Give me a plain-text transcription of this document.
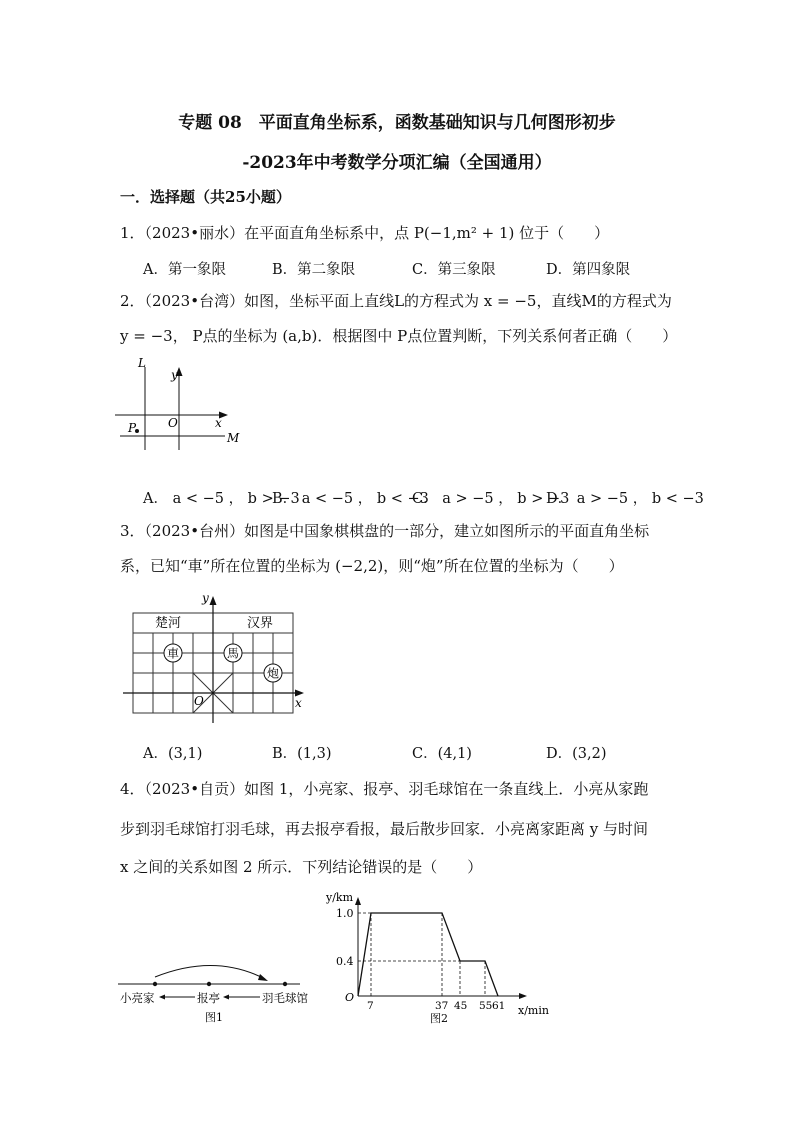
专题 08　平面直角坐标系，函数基础知识与几何图形初步
-2023年中考数学分项汇编（全国通用）
一．选择题（共25小题）
1．（2023•丽水）在平面直角坐标系中，点 P(−1,m² + 1) 位于（　　）
A．第一象限	B．第二象限	C．第三象限	D．第四象限
2．（2023•台湾）如图，坐标平面上直线L的方程式为 x = −5，直线M的方程式为
y = −3， P点的坐标为 (a,b)．根据图中 P点位置判断，下列关系何者正确（　　）
L
y
x
O
P
M
A． a < −5 ， b > −3
B． a < −5 ， b < −3
C． a > −5 ， b > −3
D． a > −5 ， b < −3
3．（2023•台州）如图是中国象棋棋盘的一部分，建立如图所示的平面直角坐标
系，已知“車”所在位置的坐标为 (−2,2)，则“炮”所在位置的坐标为（　　）
y
x
O
楚河	汉界
車	馬
炮
A．(3,1)	B．(1,3)	C．(4,1)	D．(3,2)
4．（2023•自贡）如图 1，小亮家、报亭、羽毛球馆在一条直线上．小亮从家跑
步到羽毛球馆打羽毛球，再去报亭看报，最后散步回家．小亮离家距离 y 与时间
x 之间的关系如图 2 所示．下列结论错误的是（　　）
小亮家	报亭	羽毛球馆
图1
y/km
x/min
1.0
0.4
O
7	37 45 55 61
图2
